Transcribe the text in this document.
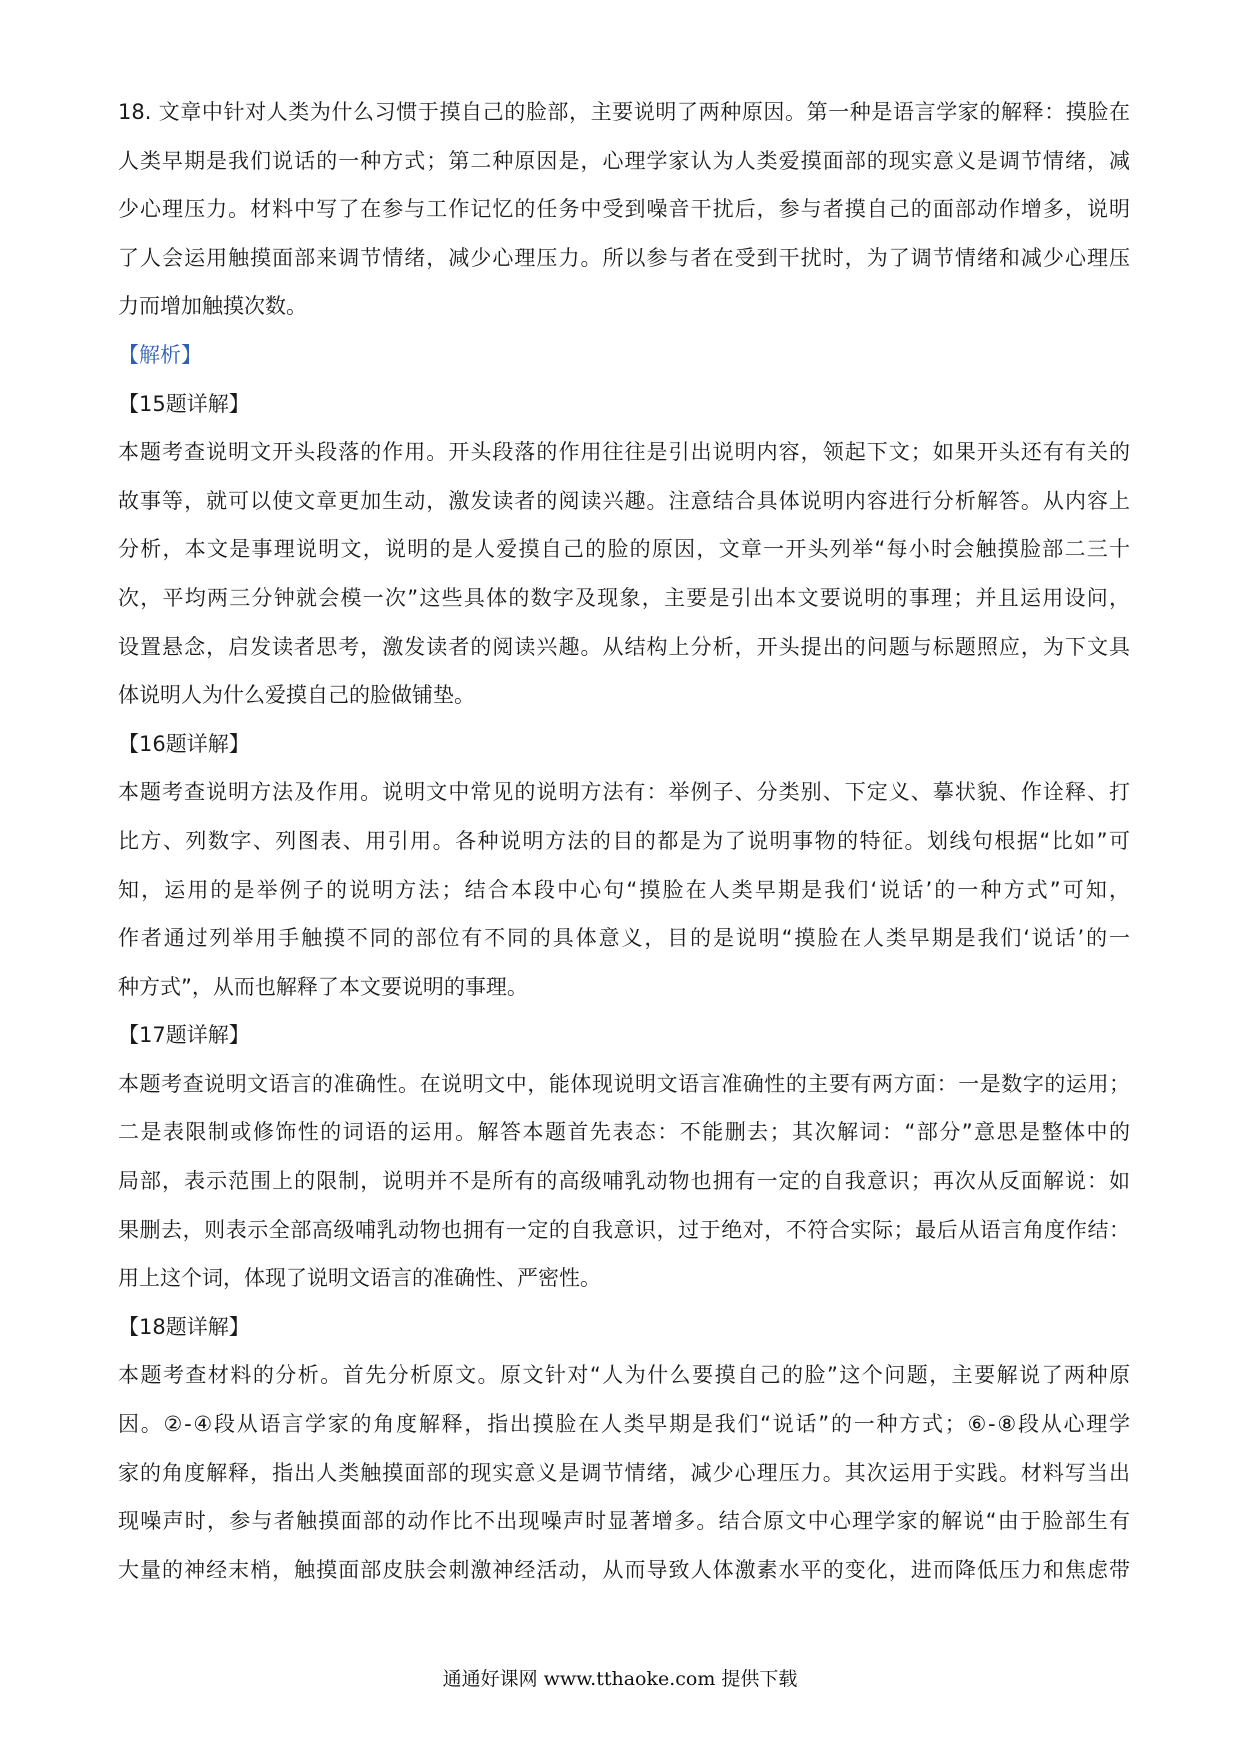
18. 文章中针对人类为什么习惯于摸自己的脸部，主要说明了两种原因。第一种是语言学家的解释：摸脸在
人类早期是我们说话的一种方式；第二种原因是，心理学家认为人类爱摸面部的现实意义是调节情绪，减
少心理压力。材料中写了在参与工作记忆的任务中受到噪音干扰后，参与者摸自己的面部动作增多，说明
了人会运用触摸面部来调节情绪，减少心理压力。所以参与者在受到干扰时，为了调节情绪和减少心理压
力而增加触摸次数。
【解析】
【15题详解】
本题考查说明文开头段落的作用。开头段落的作用往往是引出说明内容，领起下文；如果开头还有有关的
故事等，就可以使文章更加生动，激发读者的阅读兴趣。注意结合具体说明内容进行分析解答。从内容上
分析，本文是事理说明文，说明的是人爱摸自己的脸的原因，文章一开头列举“每小时会触摸脸部二三十
次，平均两三分钟就会模一次”这些具体的数字及现象，主要是引出本文要说明的事理；并且运用设问，
设置悬念，启发读者思考，激发读者的阅读兴趣。从结构上分析，开头提出的问题与标题照应，为下文具
体说明人为什么爱摸自己的脸做铺垫。
【16题详解】
本题考查说明方法及作用。说明文中常见的说明方法有：举例子、分类别、下定义、摹状貌、作诠释、打
比方、列数字、列图表、用引用。各种说明方法的目的都是为了说明事物的特征。划线句根据“比如”可
知，运用的是举例子的说明方法；结合本段中心句“摸脸在人类早期是我们‘说话’的一种方式”可知，
作者通过列举用手触摸不同的部位有不同的具体意义，目的是说明“摸脸在人类早期是我们‘说话’的一
种方式”，从而也解释了本文要说明的事理。
【17题详解】
本题考查说明文语言的准确性。在说明文中，能体现说明文语言准确性的主要有两方面：一是数字的运用；
二是表限制或修饰性的词语的运用。解答本题首先表态：不能删去；其次解词：“部分”意思是整体中的
局部，表示范围上的限制，说明并不是所有的高级哺乳动物也拥有一定的自我意识；再次从反面解说：如
果删去，则表示全部高级哺乳动物也拥有一定的自我意识，过于绝对，不符合实际；最后从语言角度作结：
用上这个词，体现了说明文语言的准确性、严密性。
【18题详解】
本题考查材料的分析。首先分析原文。原文针对“人为什么要摸自己的脸”这个问题，主要解说了两种原
因。②-④段从语言学家的角度解释，指出摸脸在人类早期是我们“说话”的一种方式；⑥-⑧段从心理学
家的角度解释，指出人类触摸面部的现实意义是调节情绪，减少心理压力。其次运用于实践。材料写当出
现噪声时，参与者触摸面部的动作比不出现噪声时显著增多。结合原文中心理学家的解说“由于脸部生有
大量的神经末梢，触摸面部皮肤会刺激神经活动，从而导致人体激素水平的变化，进而降低压力和焦虑带
通通好课网 www.tthaoke.com 提供下载
